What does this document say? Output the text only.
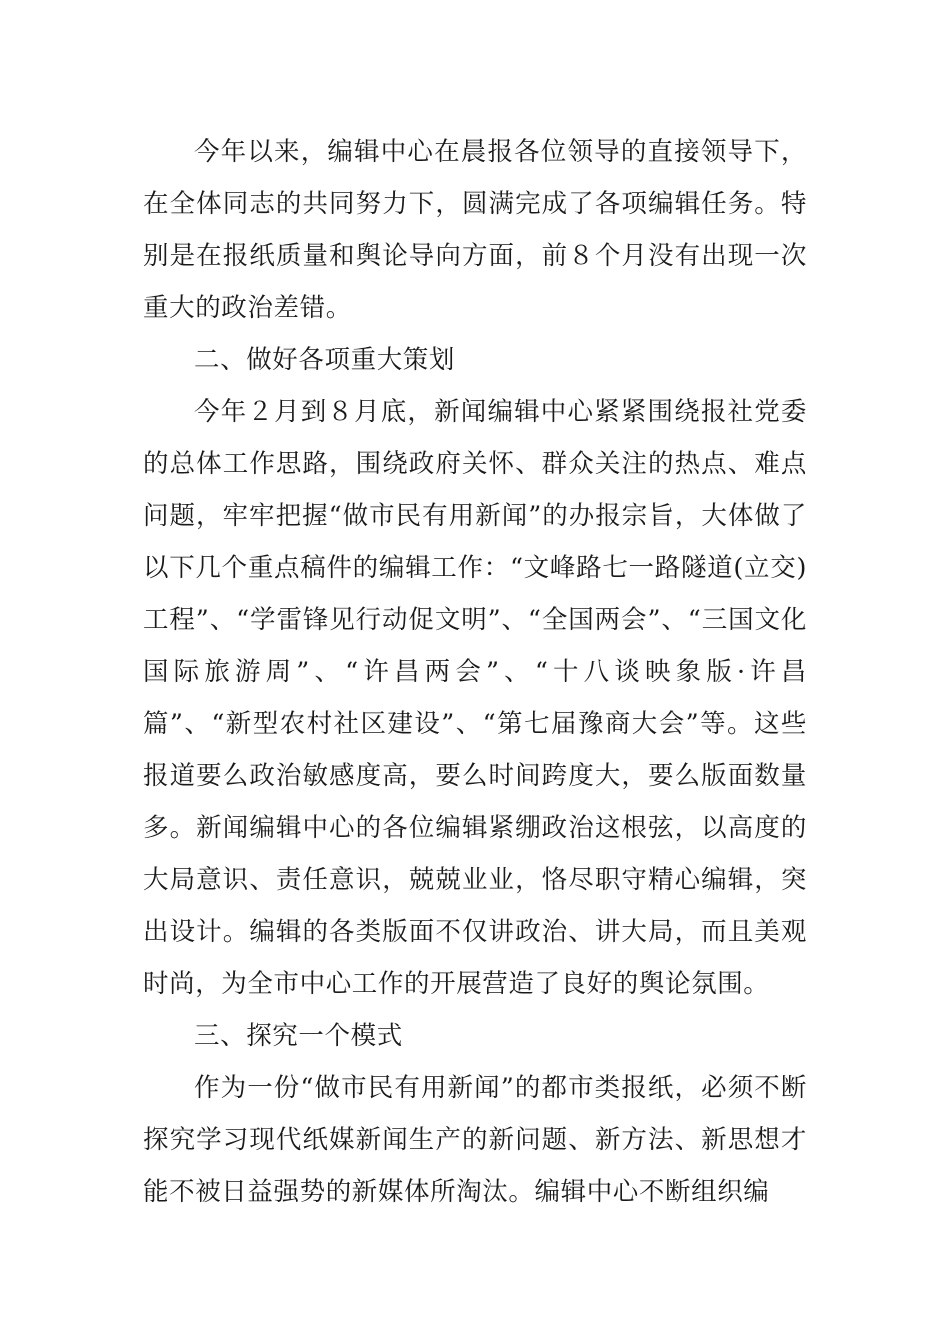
今年以来，编辑中心在晨报各位领导的直接领导下，在全体同志的共同努力下，圆满完成了各项编辑任务。特别是在报纸质量和舆论导向方面，前８个月没有出现一次重大的政治差错。

二、做好各项重大策划

今年２月到８月底，新闻编辑中心紧紧围绕报社党委的总体工作思路，围绕政府关怀、群众关注的热点、难点问题，牢牢把握“做市民有用新闻”的办报宗旨，大体做了以下几个重点稿件的编辑工作：“文峰路七一路隧道(立交)工程”、“学雷锋见行动促文明”、“全国两会”、“三国文化国际旅游周”、“许昌两会”、“十八谈映象版·许昌篇”、“新型农村社区建设”、“第七届豫商大会”等。这些报道要么政治敏感度高，要么时间跨度大，要么版面数量多。新闻编辑中心的各位编辑紧绷政治这根弦，以高度的大局意识、责任意识，兢兢业业，恪尽职守精心编辑，突出设计。编辑的各类版面不仅讲政治、讲大局，而且美观时尚，为全市中心工作的开展营造了良好的舆论氛围。

三、探究一个模式

作为一份“做市民有用新闻”的都市类报纸，必须不断探究学习现代纸媒新闻生产的新问题、新方法、新思想才能不被日益强势的新媒体所淘汰。编辑中心不断组织编
